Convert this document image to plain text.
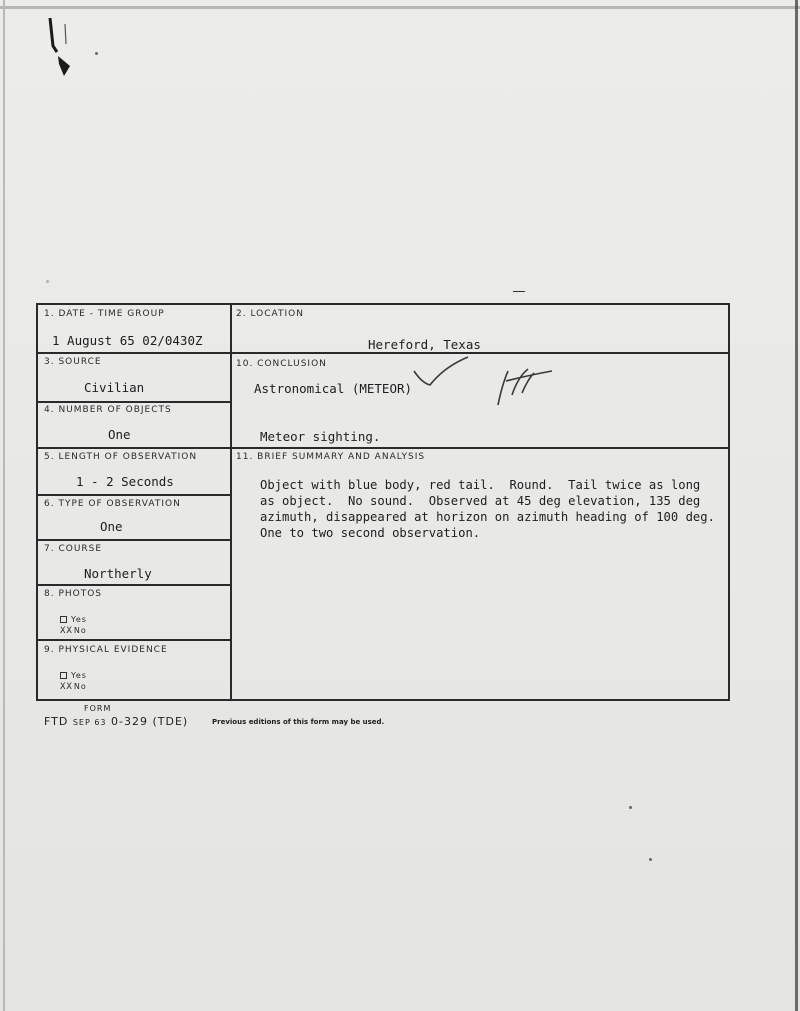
1. DATE - TIME GROUP
1 August 65 02/0430Z
2. LOCATION
Hereford, Texas
3. SOURCE
Civilian
10. CONCLUSION
Astronomical (METEOR)
Meteor sighting.
4. NUMBER OF OBJECTS
One
5. LENGTH OF OBSERVATION
1 - 2 Seconds
11. BRIEF SUMMARY AND ANALYSIS
Object with blue body, red tail.  Round.  Tail twice as long
as object.  No sound.  Observed at 45 deg elevation, 135 deg
azimuth, disappeared at horizon on azimuth heading of 100 deg.
One to two second observation.
6. TYPE OF OBSERVATION
One
7. COURSE
Northerly
8. PHOTOS
Yes
XXNo
9. PHYSICAL EVIDENCE
Yes
XXNo
FORM
FTD SEP 63 0-329 (TDE)	Previous editions of this form may be used.
